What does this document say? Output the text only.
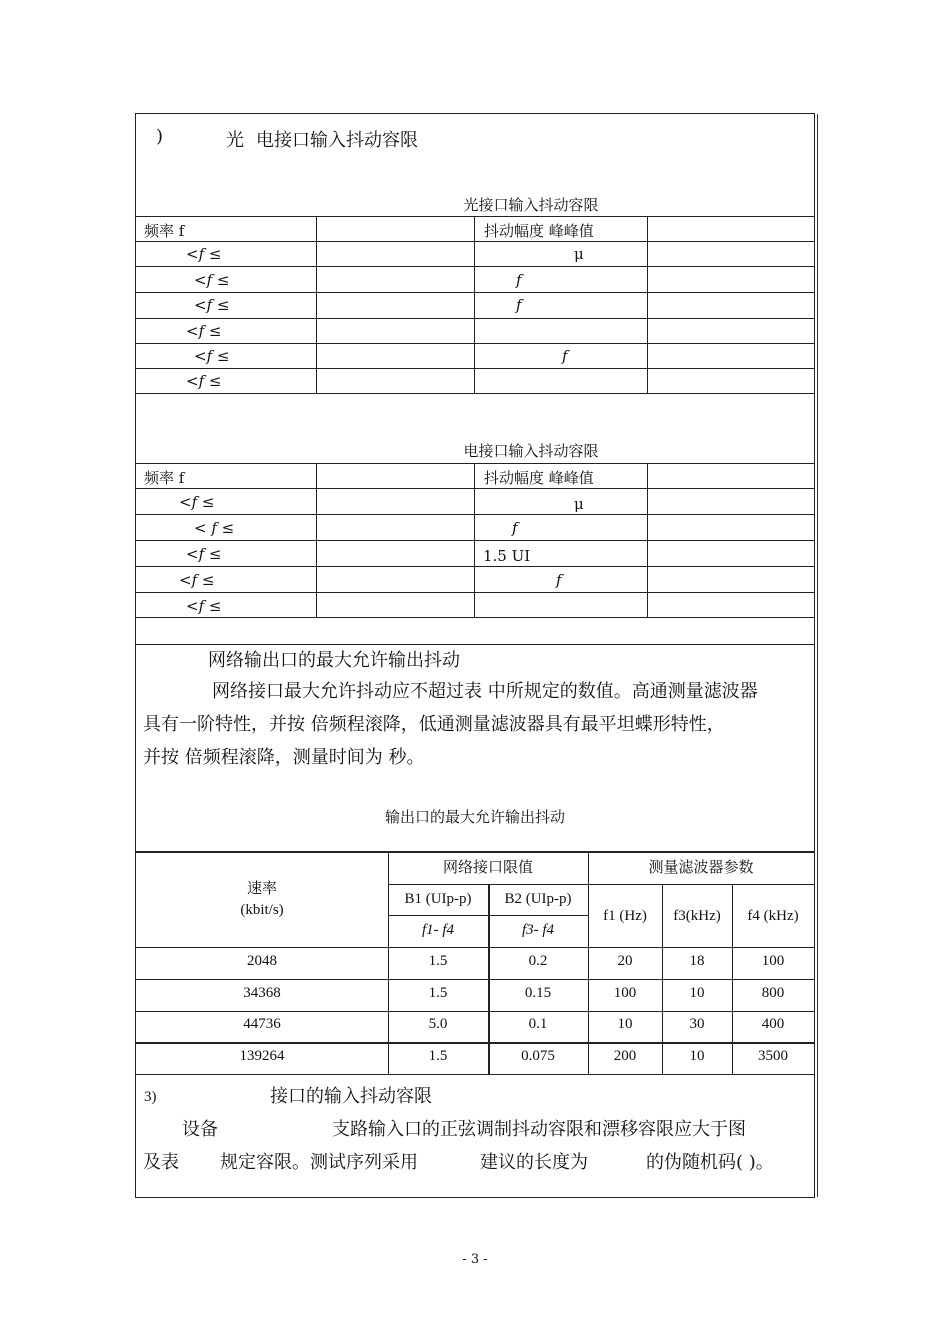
)	光 电接口输入抖动容限
光接口输入抖动容限
频率 f	抖动幅度 峰峰值
<f ≤	μ
<f ≤	f
<f ≤	f
<f ≤
<f ≤	f
<f ≤
电接口输入抖动容限
频率 f	抖动幅度 峰峰值
<f ≤	μ
< f ≤	f
<f ≤	1.5 UI
<f ≤	f
<f ≤
网络输出口的最大允许输出抖动
网络接口最大允许抖动应不超过表 中所规定的数值。高通测量滤波器
具有一阶特性，并按 倍频程滚降，低通测量滤波器具有最平坦蝶形特性，
并按 倍频程滚降，测量时间为 秒。
输出口的最大允许输出抖动
速率
(kbit/s)
网络接口限值	测量滤波器参数
B1 (UIp-p)	B2 (UIp-p)
f1- f4	f3- f4
f1 (Hz)	f3(kHz)	f4 (kHz)
2048	1.5	0.2	20	18	100
34368	1.5	0.15	100	10	800
44736	5.0	0.1	10	30	400
139264	1.5	0.075	200	10	3500
3)	接口的输入抖动容限
设备	支路输入口的正弦调制抖动容限和漂移容限应大于图
及表 规定容限。测试序列采用	建议的长度为	的伪随机码( )。
- 3 -
